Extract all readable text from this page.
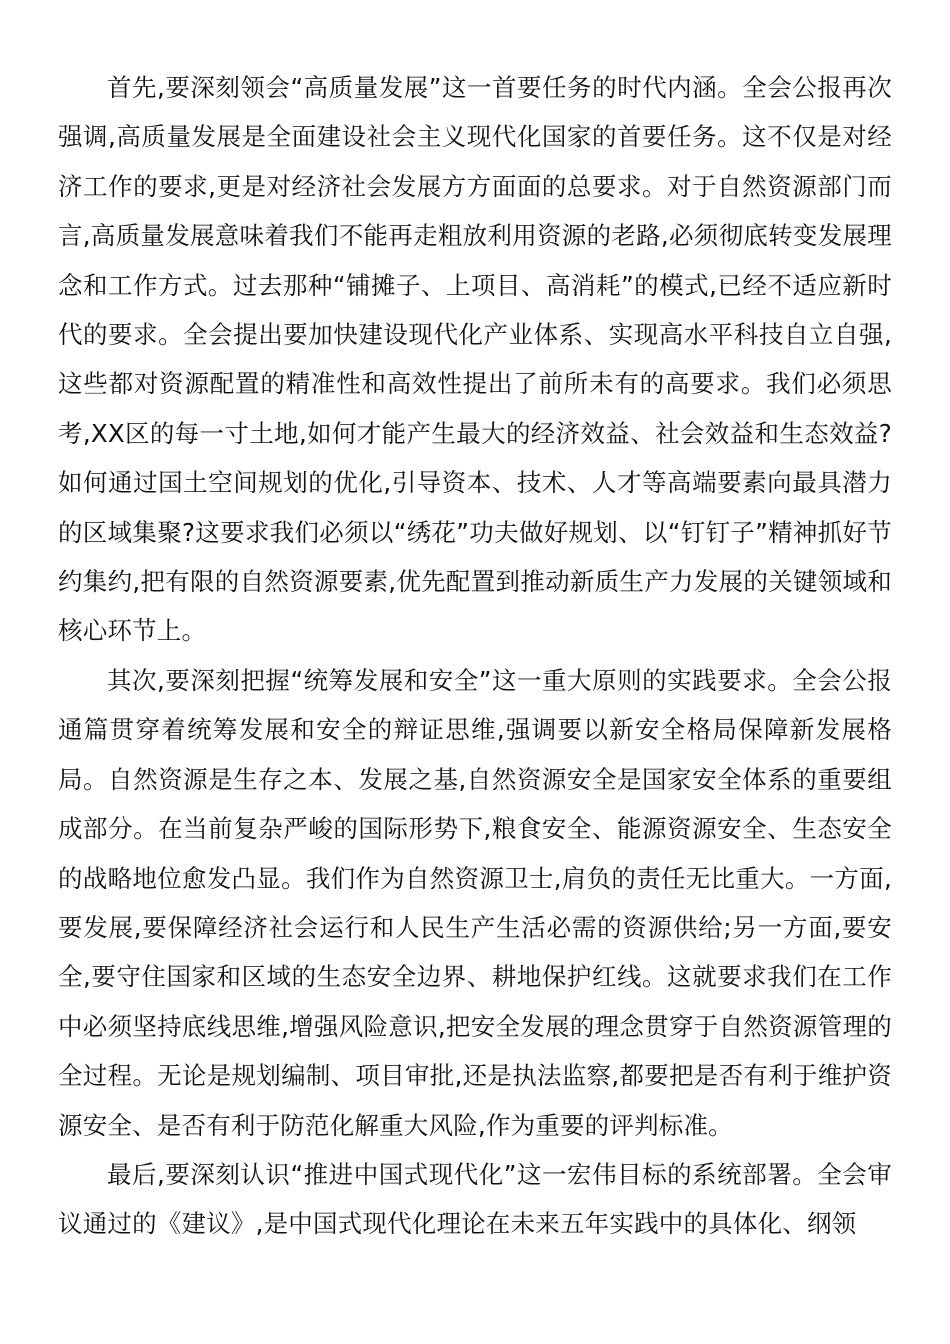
首先,要深刻领会“高质量发展”这一首要任务的时代内涵。全会公报再次强调,高质量发展是全面建设社会主义现代化国家的首要任务。这不仅是对经济工作的要求,更是对经济社会发展方方面面的总要求。对于自然资源部门而言,高质量发展意味着我们不能再走粗放利用资源的老路,必须彻底转变发展理念和工作方式。过去那种“铺摊子、上项目、高消耗”的模式,已经不适应新时代的要求。全会提出要加快建设现代化产业体系、实现高水平科技自立自强,这些都对资源配置的精准性和高效性提出了前所未有的高要求。我们必须思考,XX区的每一寸土地,如何才能产生最大的经济效益、社会效益和生态效益?如何通过国土空间规划的优化,引导资本、技术、人才等高端要素向最具潜力的区域集聚?这要求我们必须以“绣花”功夫做好规划、以“钉钉子”精神抓好节约集约,把有限的自然资源要素,优先配置到推动新质生产力发展的关键领域和核心环节上。

其次,要深刻把握“统筹发展和安全”这一重大原则的实践要求。全会公报通篇贯穿着统筹发展和安全的辩证思维,强调要以新安全格局保障新发展格局。自然资源是生存之本、发展之基,自然资源安全是国家安全体系的重要组成部分。在当前复杂严峻的国际形势下,粮食安全、能源资源安全、生态安全的战略地位愈发凸显。我们作为自然资源卫士,肩负的责任无比重大。一方面,要发展,要保障经济社会运行和人民生产生活必需的资源供给;另一方面,要安全,要守住国家和区域的生态安全边界、耕地保护红线。这就要求我们在工作中必须坚持底线思维,增强风险意识,把安全发展的理念贯穿于自然资源管理的全过程。无论是规划编制、项目审批,还是执法监察,都要把是否有利于维护资源安全、是否有利于防范化解重大风险,作为重要的评判标准。

最后,要深刻认识“推进中国式现代化”这一宏伟目标的系统部署。全会审议通过的《建议》,是中国式现代化理论在未来五年实践中的具体化、纲领
